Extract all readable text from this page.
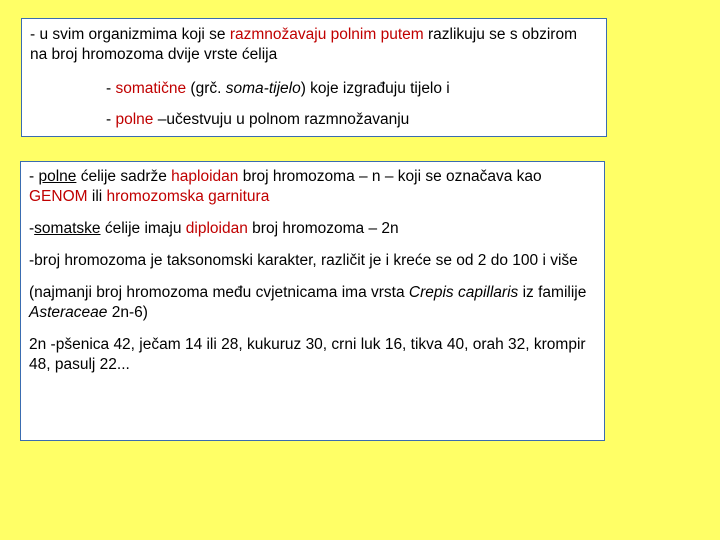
- u svim organizmima koji se razmnožavaju polnim putem razlikuju se s obzirom na broj hromozoma dvije vrste ćelija

- somatične (grč. soma-tijelo) koje izgrađuju tijelo i

- polne –učestvuju u polnom razmnožavanju

- polne ćelije sadrže haploidan broj hromozoma – n – koji se označava kao GENOM ili hromozomska garnitura

-somatske ćelije imaju diploidan broj hromozoma – 2n

-broj hromozoma je taksonomski karakter, različit je i kreće se od 2 do 100 i više

(najmanji broj hromozoma među cvjetnicama ima vrsta Crepis capillaris iz familije Asteraceae 2n-6)

2n -pšenica 42, ječam 14 ili 28, kukuruz 30, crni luk 16, tikva 40, orah 32, krompir 48, pasulj 22...
